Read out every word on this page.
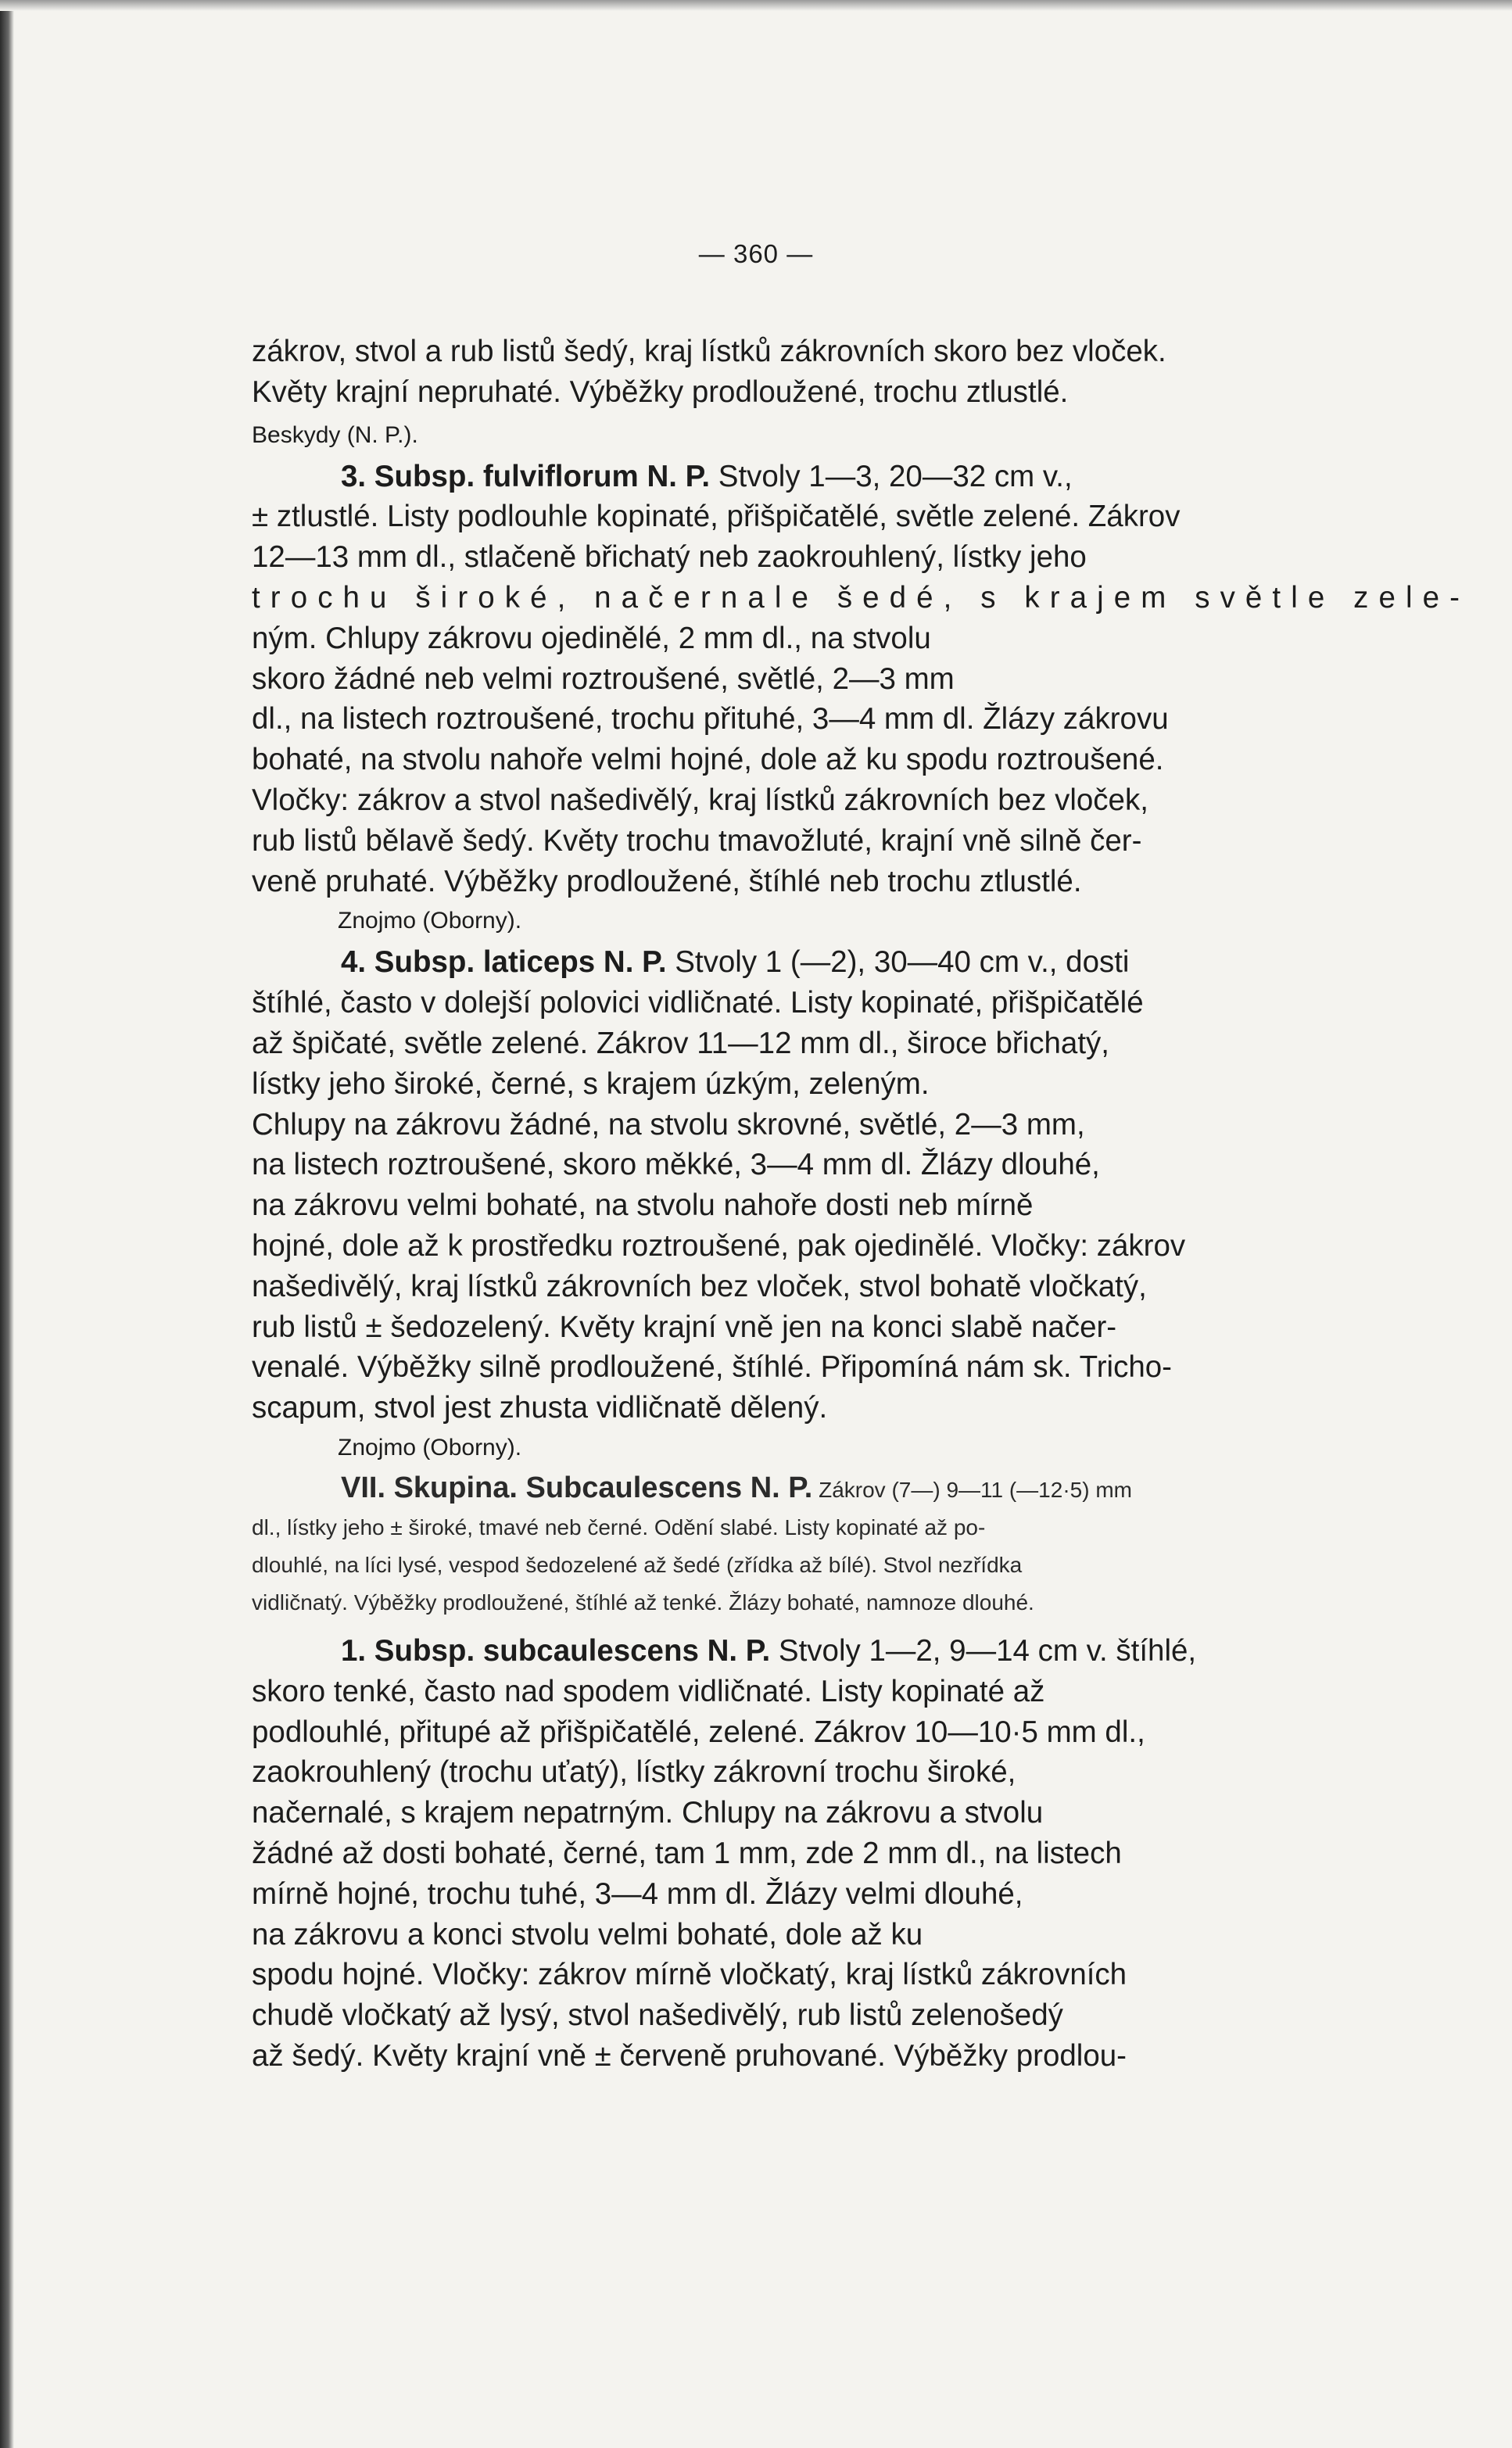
— 360 —

zákrov, stvol a rub listů šedý, kraj lístků zákrovních skoro bez vloček.
Květy krajní nepruhaté. Výběžky prodloužené, trochu ztlustlé.

Beskydy (N. P.).

3. Subsp. fulviflorum N. P. Stvoly 1—3, 20—32 cm v.,
± ztlustlé. Listy podlouhle kopinaté, přišpičatělé, světle zelené. Zákrov
12—13 mm dl., stlačeně břichatý neb zaokrouhlený, lístky jeho
trochu široké, načernale šedé, s krajem světle zele-
ným. Chlupy zákrovu ojedinělé, 2 mm dl., na stvolu
skoro žádné neb velmi roztroušené, světlé, 2—3 mm
dl., na listech roztroušené, trochu přituhé, 3—4 mm dl. Žlázy zákrovu
bohaté, na stvolu nahoře velmi hojné, dole až ku spodu roztroušené.
Vločky: zákrov a stvol našedivělý, kraj lístků zákrovních bez vloček,
rub listů bělavě šedý. Květy trochu tmavožluté, krajní vně silně čer-
veně pruhaté. Výběžky prodloužené, štíhlé neb trochu ztlustlé.

Znojmo (Oborny).

4. Subsp. laticeps N. P. Stvoly 1 (—2), 30—40 cm v., dosti
štíhlé, často v dolejší polovici vidličnaté. Listy kopinaté, přišpičatělé
až špičaté, světle zelené. Zákrov 11—12 mm dl., široce břichatý,
lístky jeho široké, černé, s krajem úzkým, zeleným.
Chlupy na zákrovu žádné, na stvolu skrovné, světlé, 2—3 mm,
na listech roztroušené, skoro měkké, 3—4 mm dl. Žlázy dlouhé,
na zákrovu velmi bohaté, na stvolu nahoře dosti neb mírně
hojné, dole až k prostředku roztroušené, pak ojedinělé. Vločky: zákrov
našedivělý, kraj lístků zákrovních bez vloček, stvol bohatě vločkatý,
rub listů ± šedozelený. Květy krajní vně jen na konci slabě načer-
venalé. Výběžky silně prodloužené, štíhlé. Připomíná nám sk. Tricho-
scapum, stvol jest zhusta vidličnatě dělený.

Znojmo (Oborny).

VII. Skupina. Subcaulescens N. P. Zákrov (7—) 9—11 (—12·5) mm
dl., lístky jeho ± široké, tmavé neb černé. Odění slabé. Listy kopinaté až po-
dlouhlé, na líci lysé, vespod šedozelené až šedé (zřídka až bílé). Stvol nezřídka
vidličnatý. Výběžky prodloužené, štíhlé až tenké. Žlázy bohaté, namnoze dlouhé.

1. Subsp. subcaulescens N. P. Stvoly 1—2, 9—14 cm v. štíhlé,
skoro tenké, často nad spodem vidličnaté. Listy kopinaté až
podlouhlé, přitupé až přišpičatělé, zelené. Zákrov 10—10·5 mm dl.,
zaokrouhlený (trochu uťatý), lístky zákrovní trochu široké,
načernalé, s krajem nepatrným. Chlupy na zákrovu a stvolu
žádné až dosti bohaté, černé, tam 1 mm, zde 2 mm dl., na listech
mírně hojné, trochu tuhé, 3—4 mm dl. Žlázy velmi dlouhé,
na zákrovu a konci stvolu velmi bohaté, dole až ku
spodu hojné. Vločky: zákrov mírně vločkatý, kraj lístků zákrovních
chudě vločkatý až lysý, stvol našedivělý, rub listů zelenošedý
až šedý. Květy krajní vně ± červeně pruhované. Výběžky prodlou-
